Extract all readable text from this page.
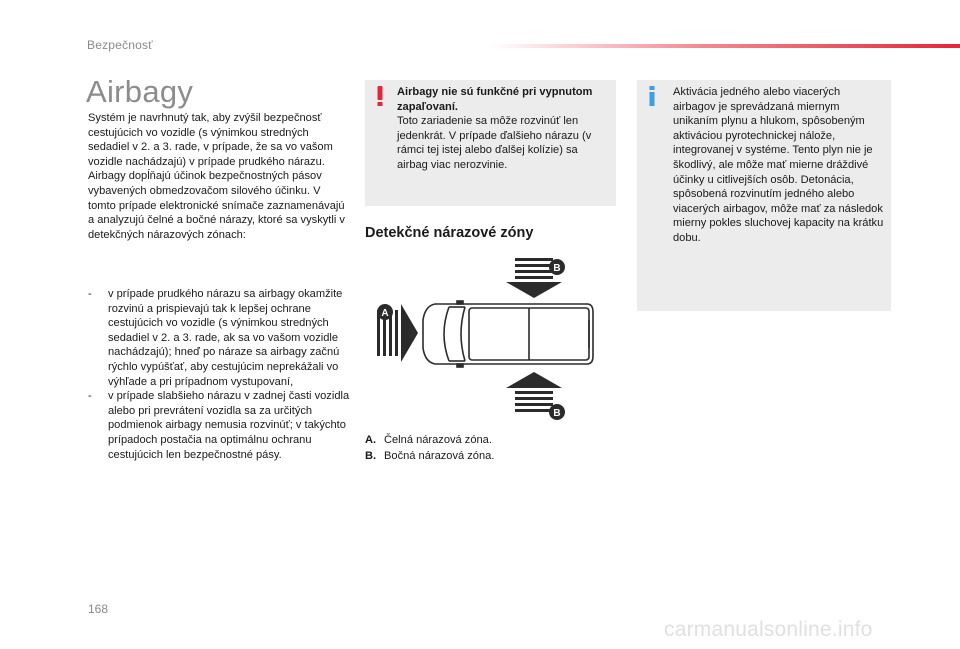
Bezpečnosť
Airbagy

Systém je navrhnutý tak, aby zvýšil bezpečnosť cestujúcich vo vozidle (s výnimkou stredných sedadiel v 2. a 3. rade, v prípade, že sa vo vašom vozidle nachádzajú) v prípade prudkého nárazu. Airbagy dopĺňajú účinok bezpečnostných pásov vybavených obmedzovačom silového účinku. V tomto prípade elektronické snímače zaznamenávajú a analyzujú čelné a bočné nárazy, ktoré sa vyskytli v detekčných nárazových zónach:

- v prípade prudkého nárazu sa airbagy okamžite rozvinú a prispievajú tak k lepšej ochrane cestujúcich vo vozidle (s výnimkou stredných sedadiel v 2. a 3. rade, ak sa vo vašom vozidle nachádzajú); hneď po náraze sa airbagy začnú rýchlo vypúšťať, aby cestujúcim neprekážali vo výhľade a pri prípadnom vystupovaní,
- v prípade slabšieho nárazu v zadnej časti vozidla alebo pri prevrátení vozidla sa za určitých podmienok airbagy nemusia rozvinúť; v takýchto prípadoch postačia na optimálnu ochranu cestujúcich len bezpečnostné pásy.

Airbagy nie sú funkčné pri vypnutom zapaľovaní.
Toto zariadenie sa môže rozvinúť len jedenkrát. V prípade ďalšieho nárazu (v rámci tej istej alebo ďalšej kolízie) sa airbag viac nerozvinie.

Aktivácia jedného alebo viacerých airbagov je sprevádzaná miernym unikaním plynu a hlukom, spôsobeným aktiváciou pyrotechnickej nálože, integrovanej v systéme. Tento plyn nie je škodlivý, ale môže mať mierne dráždivé účinky u citlivejších osôb. Detonácia, spôsobená rozvinutím jedného alebo viacerých airbagov, môže mať za následok mierny pokles sluchovej kapacity na krátku dobu.

Detekčné nárazové zóny
B
A
B
A. Čelná nárazová zóna.
B. Bočná nárazová zóna.
168
carmanualsonline.info
